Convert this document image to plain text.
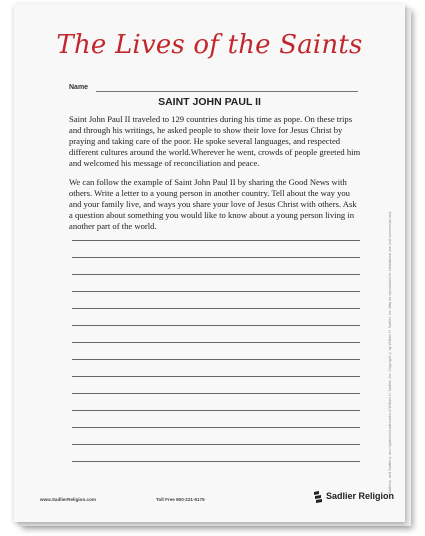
The Lives of the Saints
Name
SAINT JOHN PAUL II
Saint John Paul II traveled to 129 countries during his time as pope. On these trips and through his writings, he asked people to show their love for Jesus Christ by praying and taking care of the poor. He spoke several languages, and respected different cultures around the world.Wherever he went, crowds of people greeted him and welcomed his message of reconciliation and peace.
We can follow the example of Saint John Paul II by sharing the Good News with others. Write a letter to a young person in another country. Tell about the way you and your family live, and ways you share your love of Jesus Christ with others. Ask a question about something you would like to know about a young person living in another part of the world.	Sadlier® and Sadlier® are registered trademarks of William H. Sadlier, Inc. Copyright © by William H. Sadlier, Inc. May be reproduced for educational use (not commercial use).
www.SadlierReligion.com	Toll Free 800-221-5175	Sadlier Religion
